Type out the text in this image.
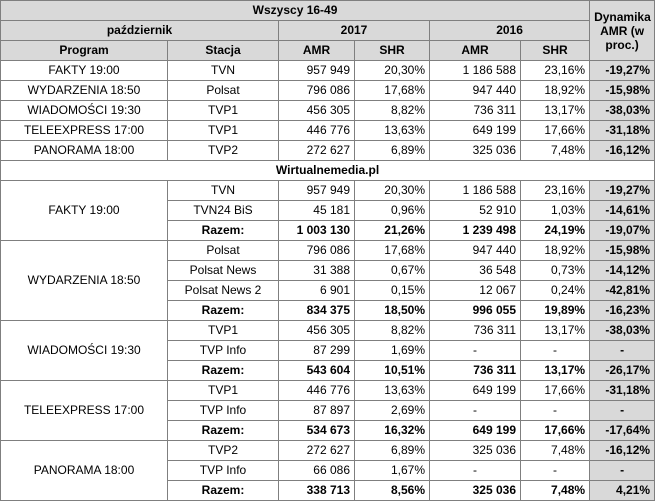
Wszyscy 16-49						Dynamika AMR (w proc.)
październik		2017		2016		
Program	Stacja	AMR	SHR	AMR	SHR	
FAKTY 19:00	TVN	957 949	20,30%	1 186 588	23,16%	-19,27%
WYDARZENIA 18:50	Polsat	796 086	17,68%	947 440	18,92%	-15,98%
WIADOMOŚCI 19:30	TVP1	456 305	8,82%	736 311	13,17%	-38,03%
TELEEXPRESS 17:00	TVP1	446 776	13,63%	649 199	17,66%	-31,18%
PANORAMA 18:00	TVP2	272 627	6,89%	325 036	7,48%	-16,12%
Wirtualnemedia.pl						
FAKTY 19:00	TVN	957 949	20,30%	1 186 588	23,16%	-19,27%
	TVN24 BiS	45 181	0,96%	52 910	1,03%	-14,61%
	Razem:	1 003 130	21,26%	1 239 498	24,19%	-19,07%
WYDARZENIA 18:50	Polsat	796 086	17,68%	947 440	18,92%	-15,98%
	Polsat News	31 388	0,67%	36 548	0,73%	-14,12%
	Polsat News 2	6 901	0,15%	12 067	0,24%	-42,81%
	Razem:	834 375	18,50%	996 055	19,89%	-16,23%
WIADOMOŚCI 19:30	TVP1	456 305	8,82%	736 311	13,17%	-38,03%
	TVP Info	87 299	1,69%	-	-	-
	Razem:	543 604	10,51%	736 311	13,17%	-26,17%
TELEEXPRESS 17:00	TVP1	446 776	13,63%	649 199	17,66%	-31,18%
	TVP Info	87 897	2,69%	-	-	-
	Razem:	534 673	16,32%	649 199	17,66%	-17,64%
PANORAMA 18:00	TVP2	272 627	6,89%	325 036	7,48%	-16,12%
	TVP Info	66 086	1,67%	-	-	-
	Razem:	338 713	8,56%	325 036	7,48%	4,21%
